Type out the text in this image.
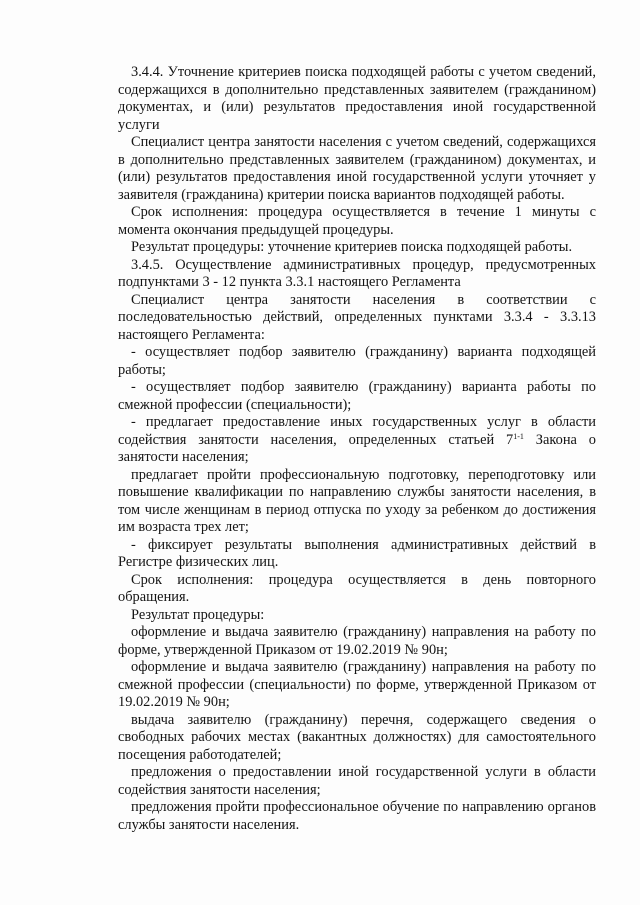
3.4.4. Уточнение критериев поиска подходящей работы с учетом сведений, содержащихся в дополнительно представленных заявителем (гражданином) документах, и (или) результатов предоставления иной государственной услуги

Специалист центра занятости населения с учетом сведений, содержащихся в дополнительно представленных заявителем (гражданином) документах, и (или) результатов предоставления иной государственной услуги уточняет у заявителя (гражданина) критерии поиска вариантов подходящей работы.

Срок исполнения: процедура осуществляется в течение 1 минуты с момента окончания предыдущей процедуры.

Результат процедуры: уточнение критериев поиска подходящей работы.

3.4.5. Осуществление административных процедур, предусмотренных подпунктами 3 - 12 пункта 3.3.1 настоящего Регламента

Специалист центра занятости населения в соответствии с последовательностью действий, определенных пунктами 3.3.4 - 3.3.13 настоящего Регламента:

- осуществляет подбор заявителю (гражданину) варианта подходящей работы;

- осуществляет подбор заявителю (гражданину) варианта работы по смежной профессии (специальности);

- предлагает предоставление иных государственных услуг в области содействия занятости населения, определенных статьей 7$^{1-1}$ Закона о занятости населения;

предлагает пройти профессиональную подготовку, переподготовку или повышение квалификации по направлению службы занятости населения, в том числе женщинам в период отпуска по уходу за ребенком до достижения им возраста трех лет;

- фиксирует результаты выполнения административных действий в Регистре физических лиц.

Срок исполнения: процедура осуществляется в день повторного обращения.

Результат процедуры:

оформление и выдача заявителю (гражданину) направления на работу по форме, утвержденной Приказом от 19.02.2019 № 90н;

оформление и выдача заявителю (гражданину) направления на работу по смежной профессии (специальности) по форме, утвержденной Приказом от 19.02.2019 № 90н;

выдача заявителю (гражданину) перечня, содержащего сведения о свободных рабочих местах (вакантных должностях) для самостоятельного посещения работодателей;

предложения о предоставлении иной государственной услуги в области содействия занятости населения;

предложения пройти профессиональное обучение по направлению органов службы занятости населения.
